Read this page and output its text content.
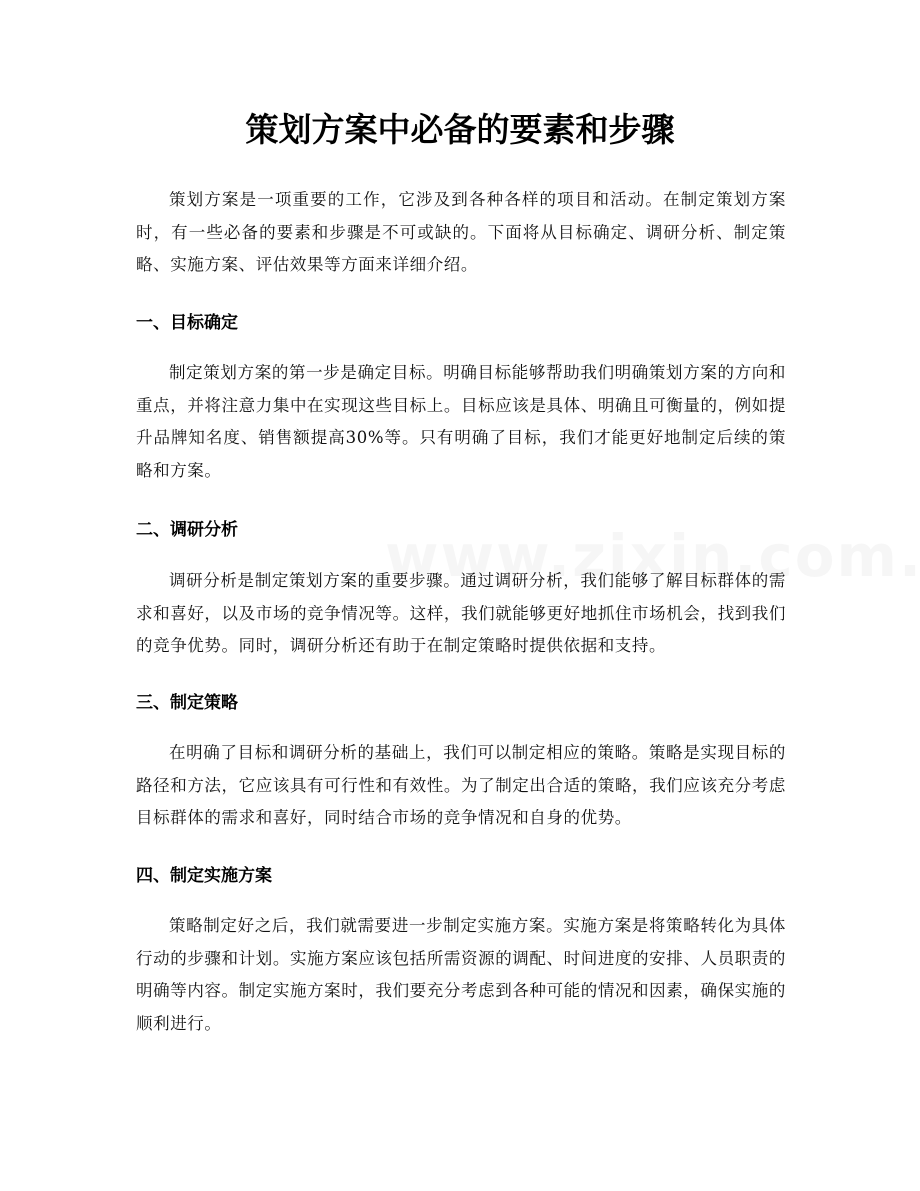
策划方案中必备的要素和步骤

策划方案是一项重要的工作，它涉及到各种各样的项目和活动。在制定策划方案时，有一些必备的要素和步骤是不可或缺的。下面将从目标确定、调研分析、制定策略、实施方案、评估效果等方面来详细介绍。

一、目标确定

制定策划方案的第一步是确定目标。明确目标能够帮助我们明确策划方案的方向和重点，并将注意力集中在实现这些目标上。目标应该是具体、明确且可衡量的，例如提升品牌知名度、销售额提高30%等。只有明确了目标，我们才能更好地制定后续的策略和方案。

二、调研分析

调研分析是制定策划方案的重要步骤。通过调研分析，我们能够了解目标群体的需求和喜好，以及市场的竞争情况等。这样，我们就能够更好地抓住市场机会，找到我们的竞争优势。同时，调研分析还有助于在制定策略时提供依据和支持。

三、制定策略

在明确了目标和调研分析的基础上，我们可以制定相应的策略。策略是实现目标的路径和方法，它应该具有可行性和有效性。为了制定出合适的策略，我们应该充分考虑目标群体的需求和喜好，同时结合市场的竞争情况和自身的优势。

四、制定实施方案

策略制定好之后，我们就需要进一步制定实施方案。实施方案是将策略转化为具体行动的步骤和计划。实施方案应该包括所需资源的调配、时间进度的安排、人员职责的明确等内容。制定实施方案时，我们要充分考虑到各种可能的情况和因素，确保实施的顺利进行。
